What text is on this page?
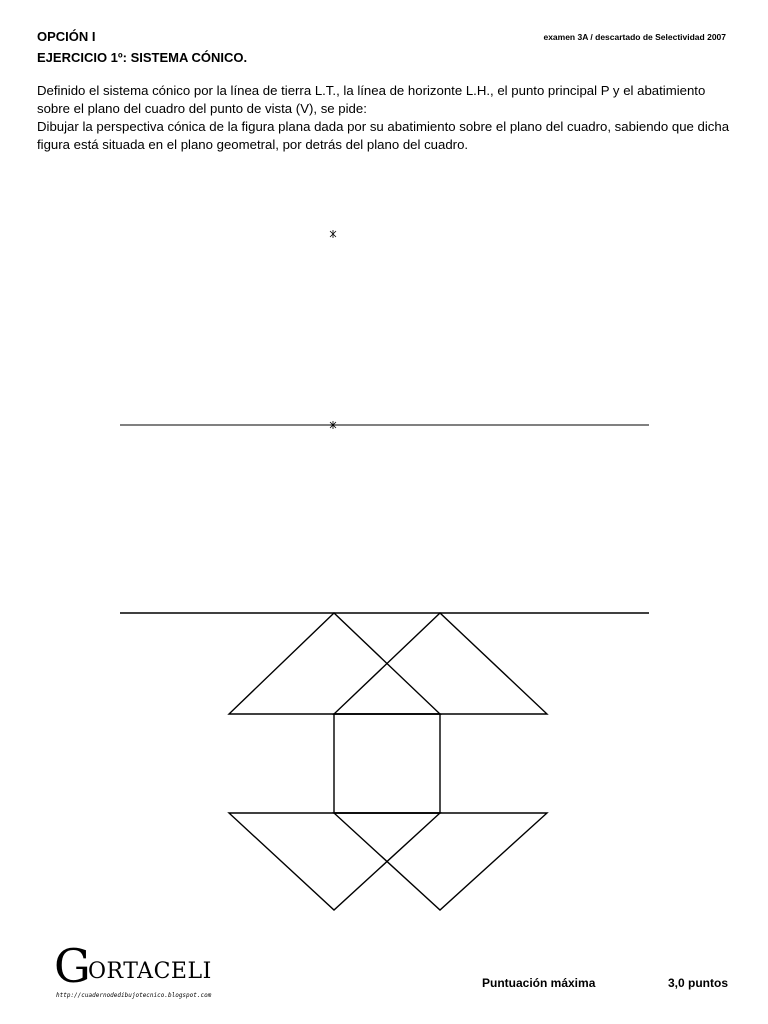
OPCIÓN I
EJERCICIO 1º: SISTEMA CÓNICO.
examen 3A / descartado de Selectividad 2007

Definido el sistema cónico por la línea de tierra L.T., la línea de horizonte L.H., el punto principal P y el abatimiento sobre el plano del cuadro del punto de vista (V), se pide:

Dibujar la perspectiva cónica de la figura plana dada por su abatimiento sobre el plano del cuadro, sabiendo que dicha figura está situada en el plano geometral, por detrás del plano del cuadro.

G
ORTACELI
http://cuadernodedibujotecnico.blogspot.com
Puntuación máxima	3,0 puntos
